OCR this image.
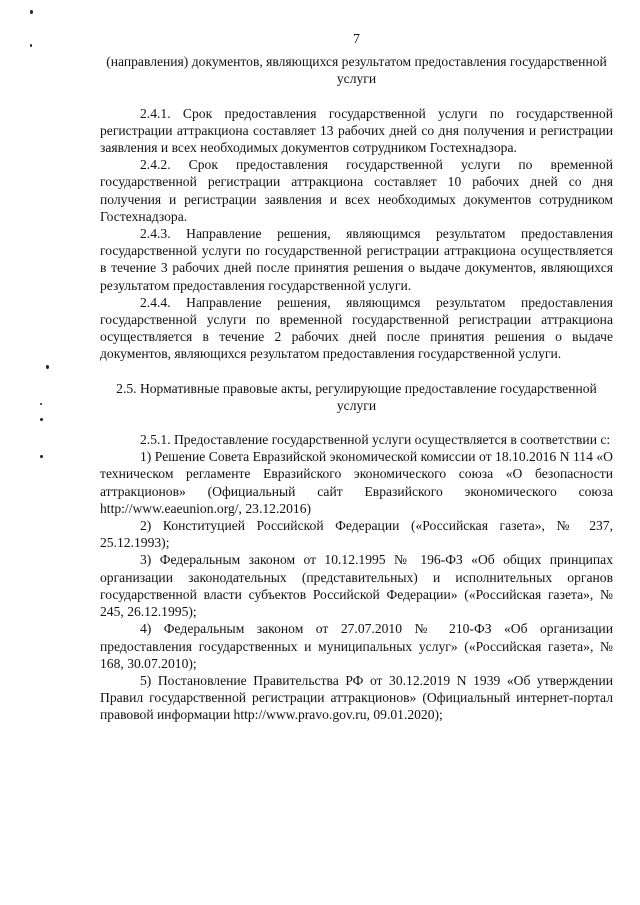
7
(направления) документов, являющихся результатом предоставления государственной услуги

2.4.1. Срок предоставления государственной услуги по государственной регистрации аттракциона составляет 13 рабочих дней со дня получения и регистрации заявления и всех необходимых документов сотрудником Гостехнадзора.

2.4.2. Срок предоставления государственной услуги по временной государственной регистрации аттракциона составляет 10 рабочих дней со дня получения и регистрации заявления и всех необходимых документов сотрудником Гостехнадзора.

2.4.3. Направление решения, являющимся результатом предоставления государственной услуги по государственной регистрации аттракциона осуществляется в течение 3 рабочих дней после принятия решения о выдаче документов, являющихся результатом предоставления государственной услуги.

2.4.4. Направление решения, являющимся результатом предоставления государственной услуги по временной государственной регистрации аттракциона осуществляется в течение 2 рабочих дней после принятия решения о выдаче документов, являющихся результатом предоставления государственной услуги.

2.5. Нормативные правовые акты, регулирующие предоставление государственной услуги

2.5.1. Предоставление государственной услуги осуществляется в соответствии с:

1) Решение Совета Евразийской экономической комиссии от 18.10.2016 N 114 «О техническом регламенте Евразийского экономического союза «О безопасности аттракционов» (Официальный сайт Евразийского экономического союза http://www.eaeunion.org/, 23.12.2016)

2) Конституцией Российской Федерации («Российская газета», № 237, 25.12.1993);

3) Федеральным законом от 10.12.1995 № 196-ФЗ «Об общих принципах организации законодательных (представительных) и исполнительных органов государственной власти субъектов Российской Федерации» («Российская газета», № 245, 26.12.1995);

4) Федеральным законом от 27.07.2010 № 210-ФЗ «Об организации предоставления государственных и муниципальных услуг» («Российская газета», № 168, 30.07.2010);

5) Постановление Правительства РФ от 30.12.2019 N 1939 «Об утверждении Правил государственной регистрации аттракционов» (Официальный интернет-портал правовой информации http://www.pravo.gov.ru, 09.01.2020);
